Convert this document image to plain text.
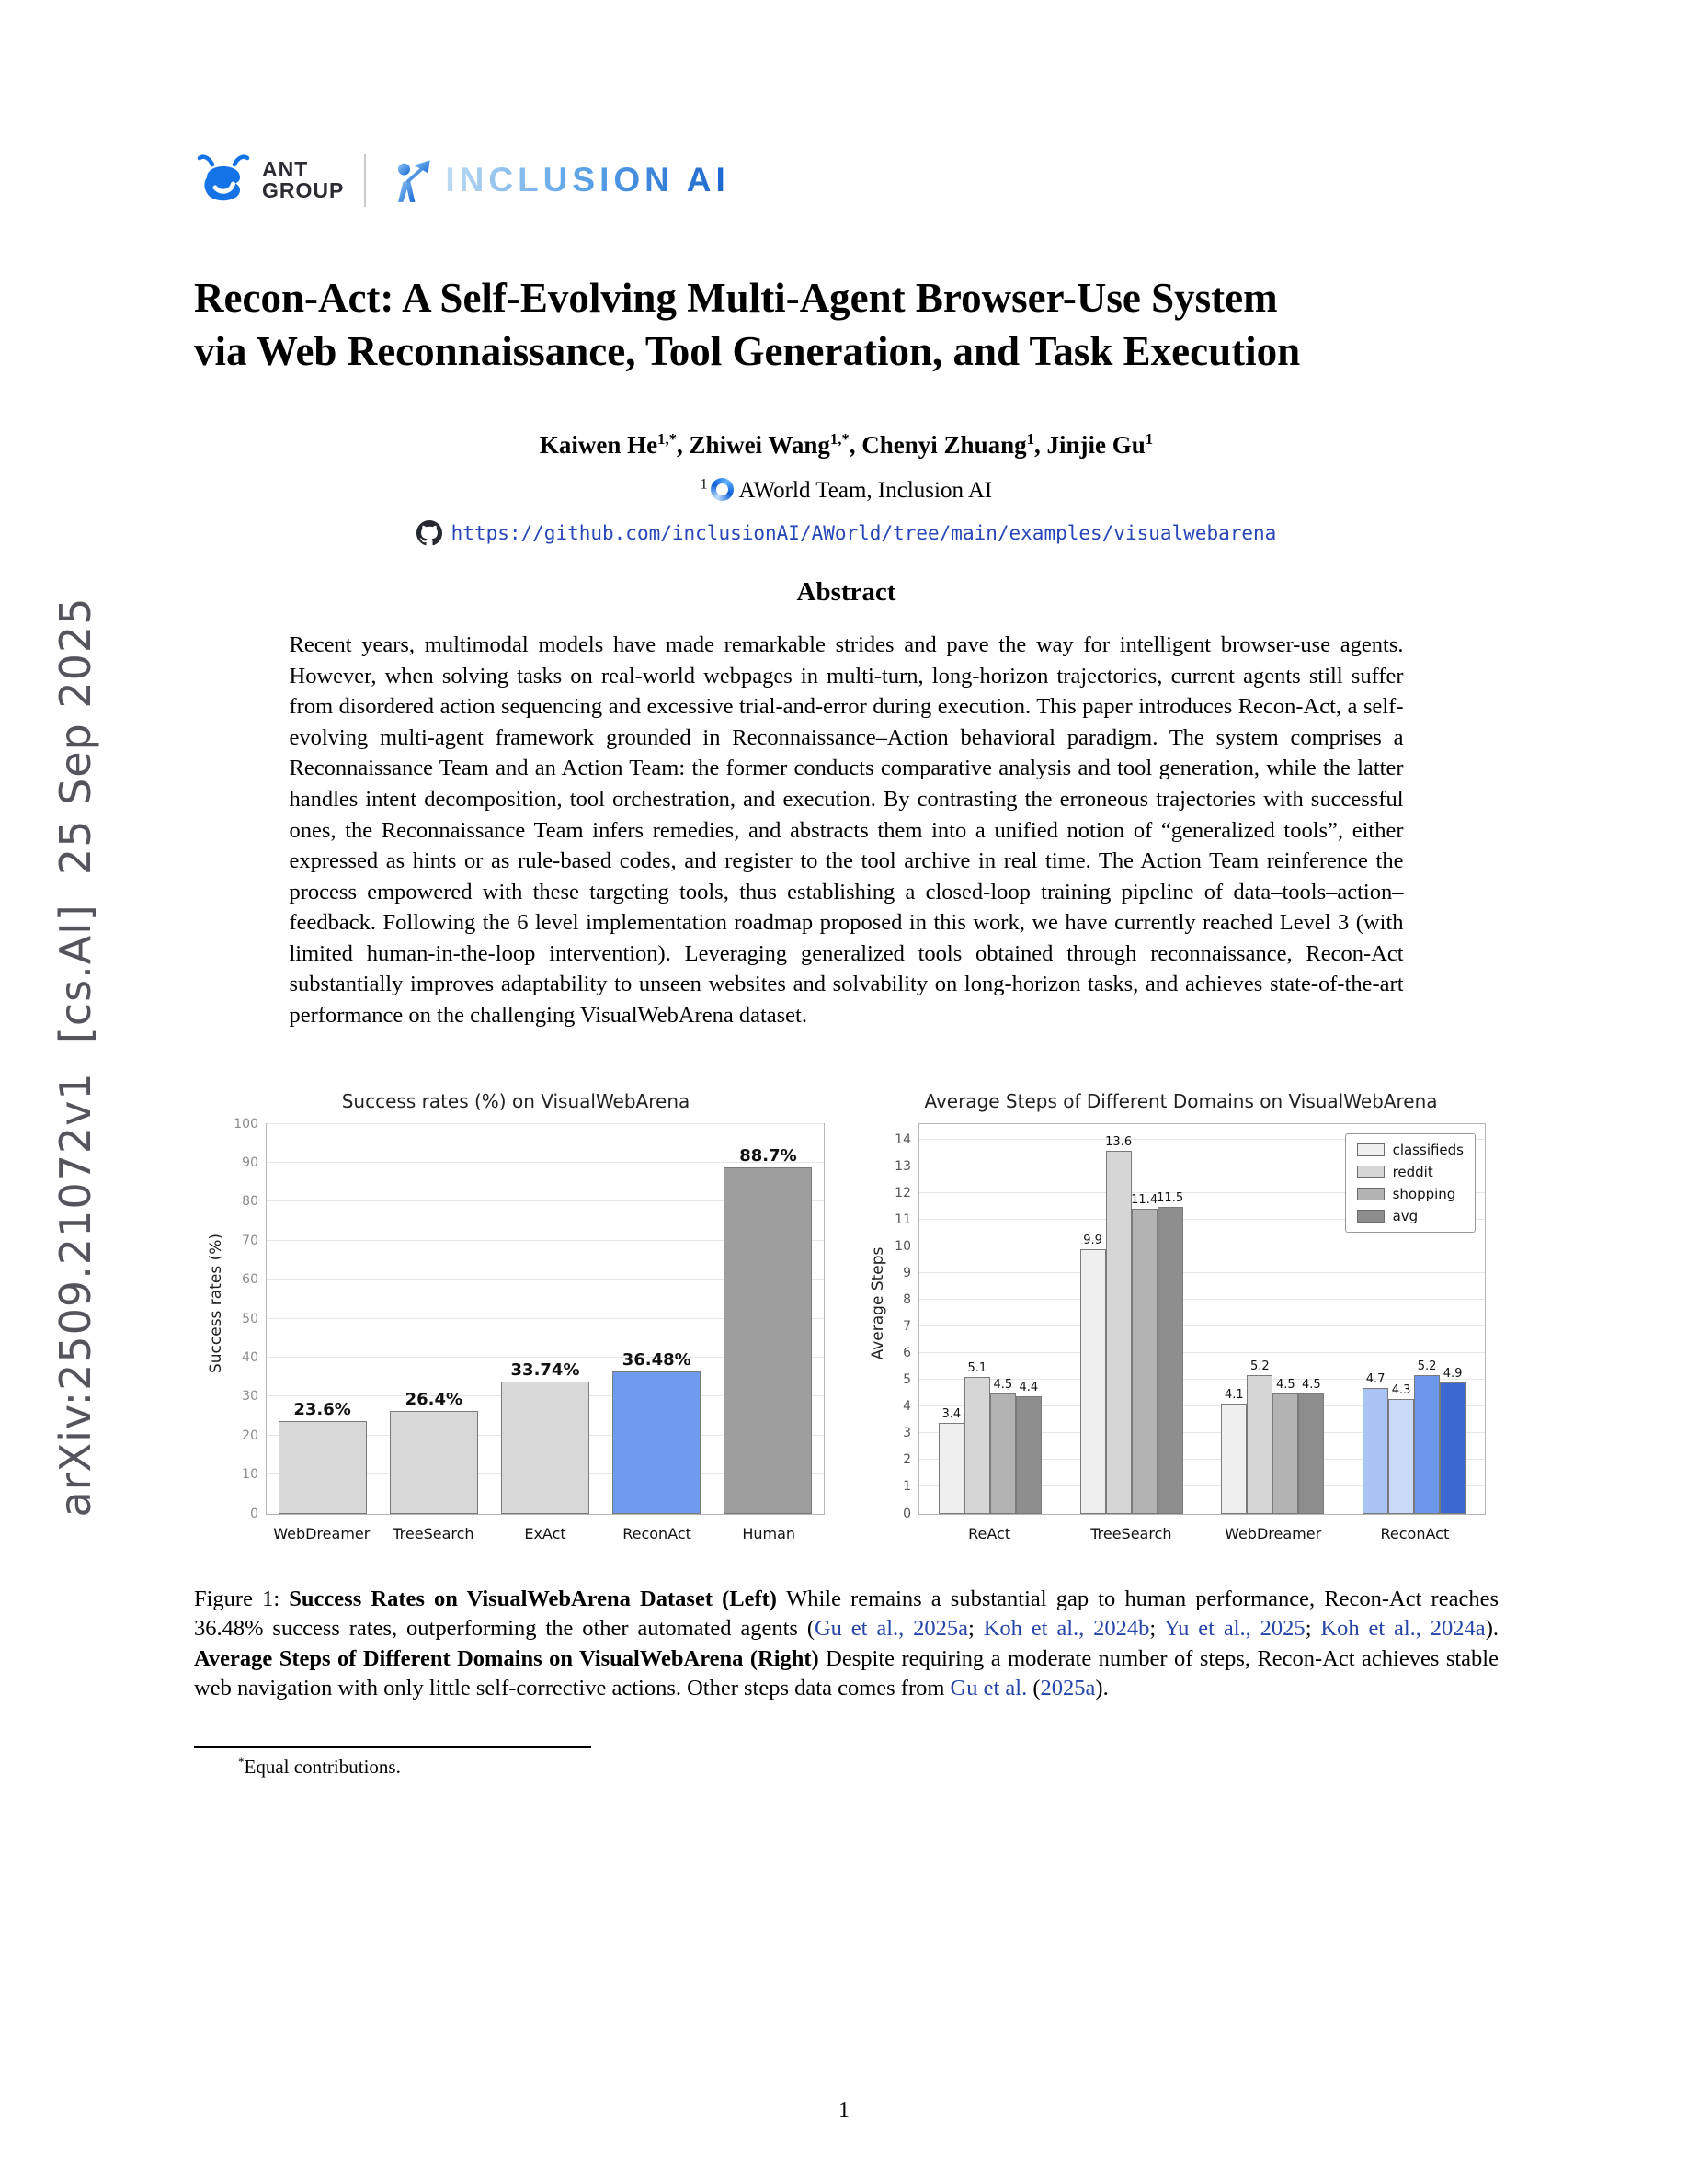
arXiv:2509.21072v1  [cs.AI]  25 Sep 2025
ANT
GROUP	INCLUSION AI
Recon-Act: A Self-Evolving Multi-Agent Browser-Use System
via Web Reconnaissance, Tool Generation, and Task Execution
Kaiwen $He^{1,*}$, Zhiwei Wang$^{1,*}$, Chenyi Zhuang$^1$, Jinjie Gu$^1$
$^1$ AWorld Team, Inclusion AI
https://github.com/inclusionAI/AWorld/tree/main/examples/visualwebarena
Abstract

Recent years, multimodal models have made remarkable strides and pave the way for intelligent browser-use agents. However, when solving tasks on real-world webpages in multi-turn, long-horizon trajectories, current agents still suffer from disordered action sequencing and excessive trial-and-error during execution. This paper introduces Recon-Act, a self-evolving multi-agent framework grounded in Reconnaissance–Action behavioral paradigm. The system comprises a Reconnaissance Team and an Action Team: the former conducts comparative analysis and tool generation, while the latter handles intent decomposition, tool orchestration, and execution. By contrasting the erroneous trajectories with successful ones, the Reconnaissance Team infers remedies, and abstracts them into a unified notion of “generalized tools”, either expressed as hints or as rule-based codes, and register to the tool archive in real time. The Action Team reinference the process empowered with these targeting tools, thus establishing a closed-loop training pipeline of data–tools–action–feedback. Following the 6 level implementation roadmap proposed in this work, we have currently reached Level 3 (with limited human-in-the-loop intervention). Leveraging generalized tools obtained through reconnaissance, Recon-Act substantially improves adaptability to unseen websites and solvability on long-horizon tasks, and achieves state-of-the-art performance on the challenging VisualWebArena dataset.

Success rates (%) on VisualWebArena
Success rates (%)
0
10
20
30
40
50
60
70
80
90
100
23.6%
26.4%
33.74%
36.48%
88.7%
WebDreamer	TreeSearch	ExAct	ReconAct	Human
Average Steps of Different Domains on VisualWebArena
Average Steps
0
1
2
3
4
5
6
7
8
9
10
11
12
13
14
3.4
5.1
4.5 4.4
9.9
13.6
11.4 11.5
4.1
5.2
4.5 4.5	4.7
4.3
5.2
4.9
classifieds
reddit
shopping
avg
ReAct	TreeSearch	WebDreamer	ReconAct

Figure 1: Success Rates on VisualWebArena Dataset (Left) While remains a substantial gap to human performance, Recon-Act reaches 36.48% success rates, outperforming the other automated agents (Gu et al., 2025a; Koh et al., 2024b; Yu et al., 2025; Koh et al., 2024a). Average Steps of Different Domains on VisualWebArena (Right) Despite requiring a moderate number of steps, Recon-Act achieves stable web navigation with only little self-corrective actions. Other steps data comes from Gu et al. (2025a).

*Equal contributions.

1
